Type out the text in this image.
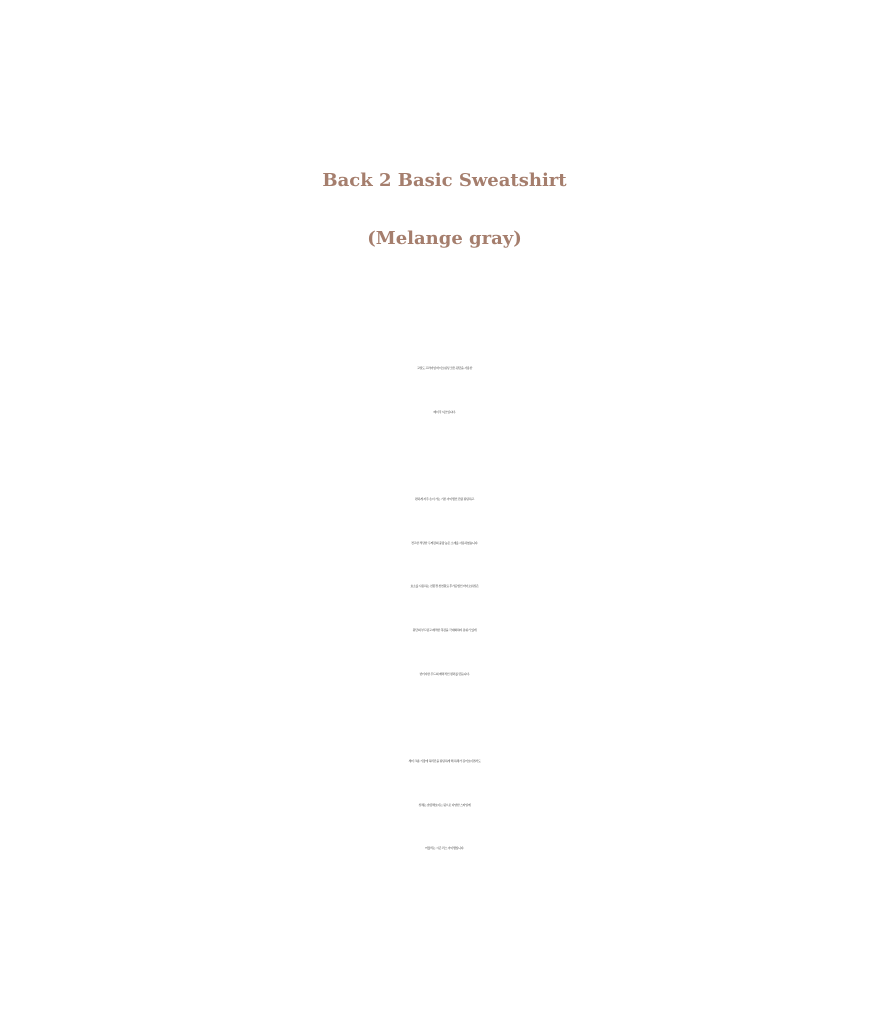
Back 2 Basic Sweatshirt
(Melange gray)
고밀도 프리미엄 바이오워싱 코튼 원단을 사용한
베이직 셔츠입니다.
편하게 자주 손이 가는 기본 아이템인 만큼 탄탄하고
견고한 적당한 두께감의 중량 높은 소재를 사용하였습니다.
효소를 사용하는 친환경 천연원료 후가공법인 바이오워싱은
원단의 부드럽고 쾌적한 촉감을 극대화하며 분위기 있게
빈티지한 무드의 매력적인 컬러를 만듭니다.
세미 크롭 기장에 허리단을 탄탄하게 해 하체가 길어보이면서도
상체는 슬림해보이는 핏으로 다양한 스타일에
어울리는 시즌 리스 아이템입니다.
